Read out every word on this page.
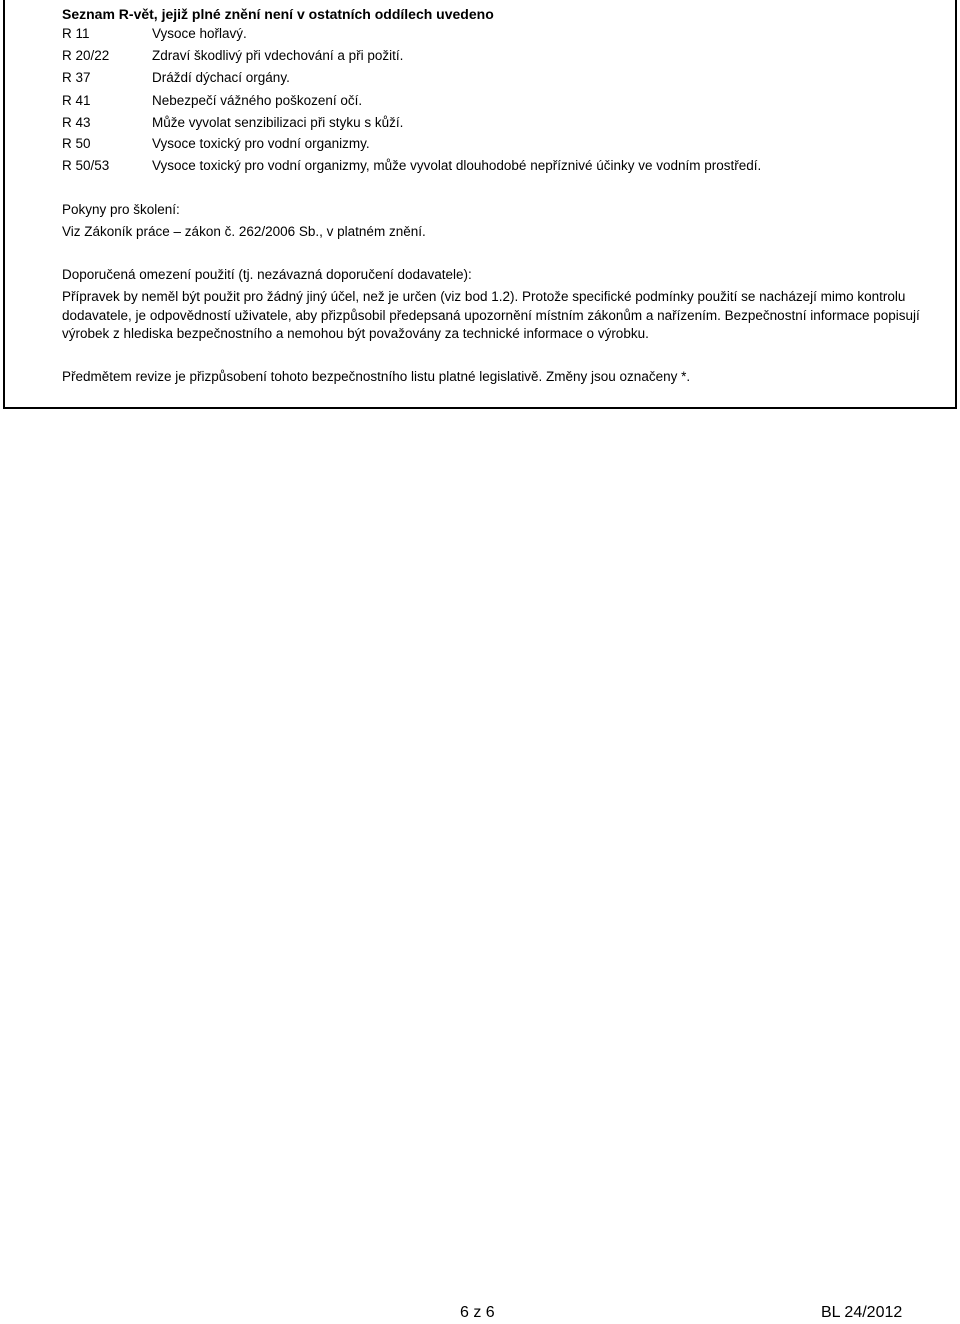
Seznam R-vět, jejiž plné znění není v ostatních oddílech uvedeno
R 11	Vysoce hořlavý.
R 20/22	Zdraví škodlivý při vdechování a při požití.
R 37	Dráždí dýchací orgány.
R 41	Nebezpečí vážného poškození očí.
R 43	Může vyvolat senzibilizaci při styku s kůží.
R 50	Vysoce toxický pro vodní organizmy.
R 50/53	Vysoce toxický pro vodní organizmy, může vyvolat dlouhodobé nepříznivé účinky ve vodním prostředí.
Pokyny pro školení:
Viz Zákoník práce – zákon č. 262/2006 Sb., v platném znění.
Doporučená omezení použití (tj. nezávazná doporučení dodavatele):
Přípravek by neměl být použit pro žádný jiný účel, než je určen (viz bod 1.2). Protože specifické podmínky použití se nacházejí mimo kontrolu dodavatele, je odpovědností uživatele, aby přizpůsobil předepsaná upozornění místním zákonům a nařízením. Bezpečnostní informace popisují výrobek z hlediska bezpečnostního a nemohou být považovány za technické informace o výrobku.
Předmětem revize je přizpůsobení tohoto bezpečnostního listu platné legislativě. Změny jsou označeny *.
6 z 6	BL 24/2012
